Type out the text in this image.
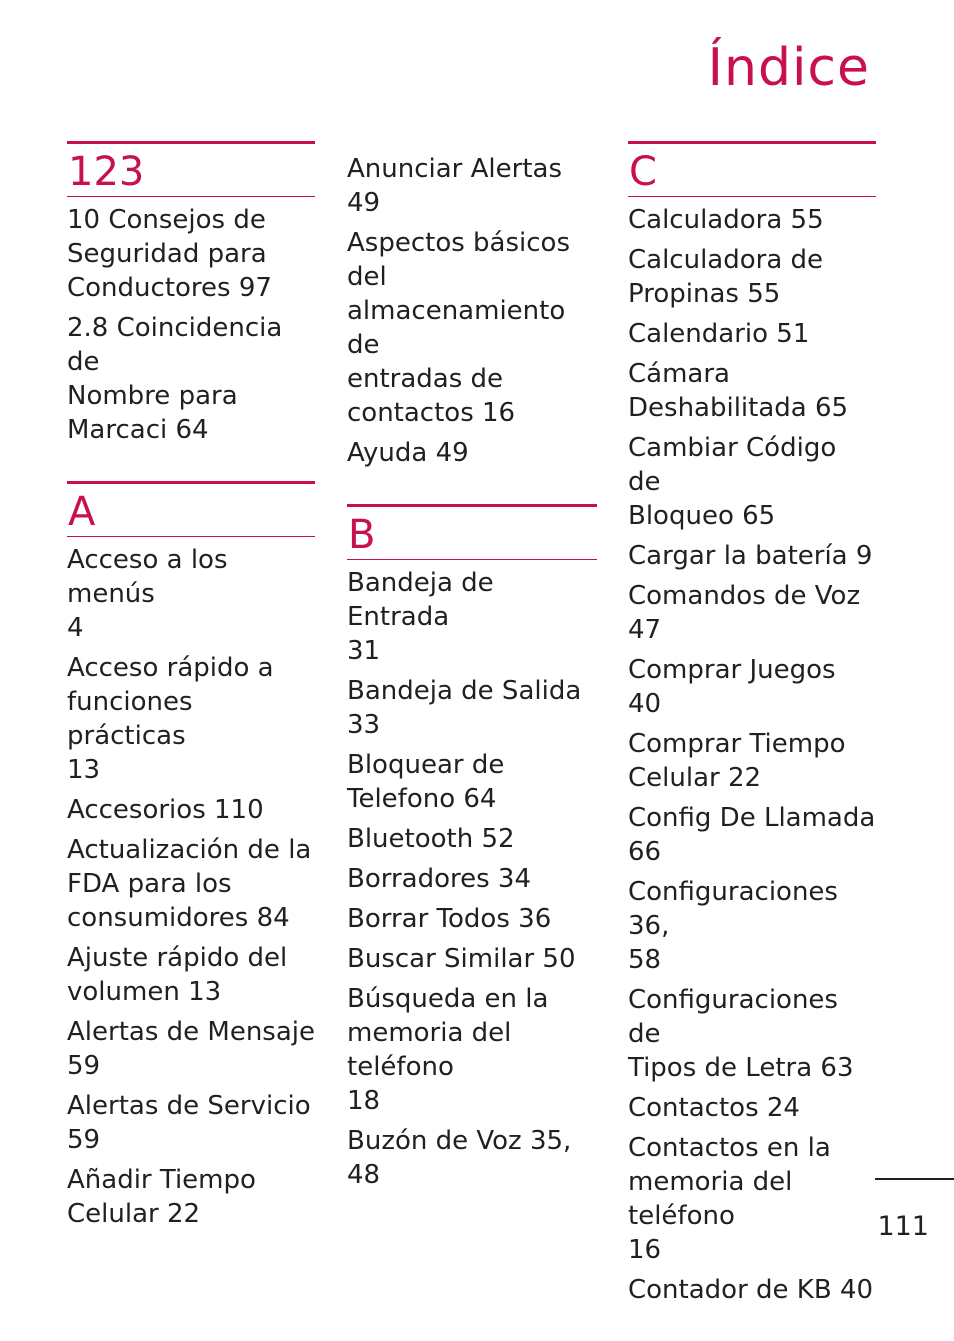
Índice
123

10 Consejos de
Seguridad para
Conductores 97

2.8 Coincidencia de
Nombre para
Marcaci 64

A

Acceso a los menús
4

Acceso rápido a
funciones prácticas
13

Accesorios 110

Actualización de la
FDA para los
consumidores 84

Ajuste rápido del
volumen 13

Alertas de Mensaje
59

Alertas de Servicio
59

Añadir Tiempo
Celular 22

Anunciar Alertas 49

Aspectos básicos del
almacenamiento de
entradas de
contactos 16

Ayuda 49

B

Bandeja de Entrada
31

Bandeja de Salida 33

Bloquear de
Telefono 64

Bluetooth 52

Borradores 34

Borrar Todos 36

Buscar Similar 50

Búsqueda en la
memoria del teléfono
18

Buzón de Voz 35, 48

C

Calculadora 55

Calculadora de
Propinas 55

Calendario 51

Cámara
Deshabilitada 65

Cambiar Código de
Bloqueo 65

Cargar la batería 9

Comandos de Voz
47

Comprar Juegos 40

Comprar Tiempo
Celular 22

Config De Llamada
66

Configuraciones 36,
58

Configuraciones de
Tipos de Letra 63

Contactos 24

Contactos en la
memoria del teléfono
16

Contador de KB 40

111
